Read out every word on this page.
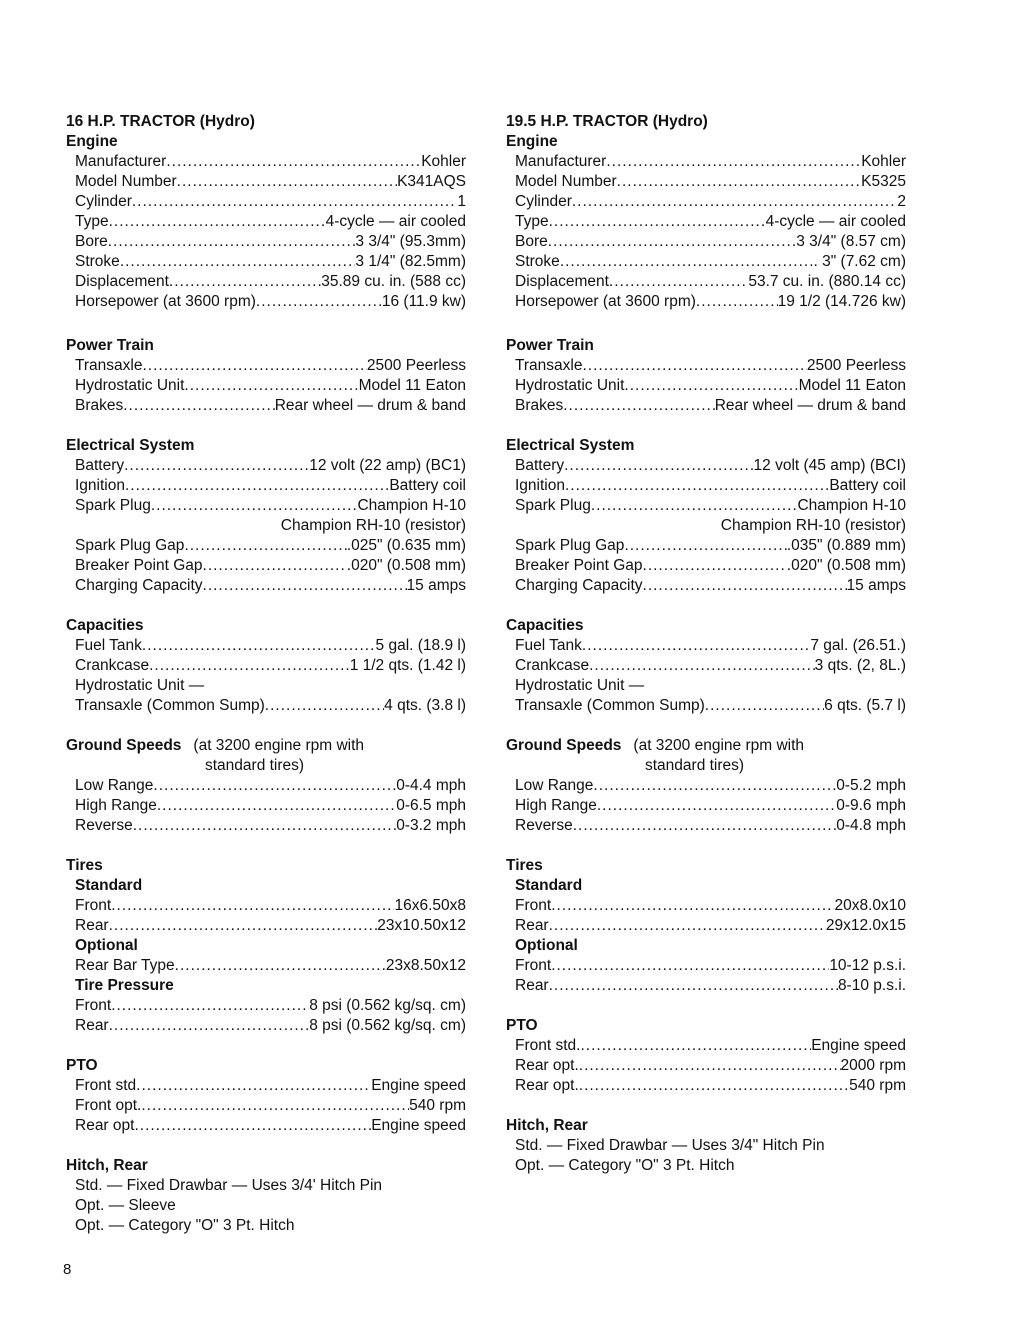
16 H.P. TRACTOR (Hydro)
Engine
Manufacturer .....	Kohler
Model Number .....	K341AQS
Cylinder .....	1
Type .....	4-cycle — air cooled
Bore .....	3 3/4" (95.3mm)
Stroke .....	3 1/4" (82.5mm)
Displacement .....	35.89 cu. in. (588 cc)
Horsepower (at 3600 rpm) .....	16 (11.9 kw)
Power Train
Transaxle .....	2500 Peerless
Hydrostatic Unit .....	Model 11 Eaton
Brakes .....	Rear wheel — drum & band
Electrical System
Battery .....	12 volt (22 amp) (BC1)
Ignition .....	Battery coil
Spark Plug .....	Champion H-10
Champion RH-10 (resistor)
Spark Plug Gap .....	.025" (0.635 mm)
Breaker Point Gap .....	.020" (0.508 mm)
Charging Capacity .....	15 amps
Capacities
Fuel Tank .....	5 gal. (18.9 l)
Crankcase .....	1 1/2 qts. (1.42 l)
Hydrostatic Unit —
Transaxle (Common Sump) .....	4 qts. (3.8 l)
Ground Speeds (at 3200 engine rpm with
standard tires)
Low Range .....	0-4.4 mph
High Range .....	0-6.5 mph
Reverse .....	0-3.2 mph
Tires
Standard
Front .....	16x6.50x8
Rear .....	23x10.50x12
Optional
Rear Bar Type .....	23x8.50x12
Tire Pressure
Front .....	8 psi (0.562 kg/sq. cm)
Rear .....	8 psi (0.562 kg/sq. cm)
PTO
Front std .....	Engine speed
Front opt. .....	540 rpm
Rear opt .....	Engine speed
Hitch, Rear
Std. — Fixed Drawbar — Uses 3/4' Hitch Pin
Opt. — Sleeve
Opt. — Category "O" 3 Pt. Hitch
19.5 H.P. TRACTOR (Hydro)
Engine
Manufacturer .....	Kohler
Model Number .....	K5325
Cylinder .....	2
Type .....	4-cycle — air cooled
Bore .....	3 3/4" (8.57 cm)
Stroke .....	. 3" (7.62 cm)
Displacement .....	53.7 cu. in. (880.14 cc)
Horsepower (at 3600 rpm) .....	19 1/2 (14.726 kw)
Power Train
Transaxle .....	2500 Peerless
Hydrostatic Unit .....	Model 11 Eaton
Brakes .....	Rear wheel — drum & band
Electrical System
Battery .....	12 volt (45 amp) (BCI)
Ignition .....	Battery coil
Spark Plug .....	Champion H-10
Champion RH-10 (resistor)
Spark Plug Gap .....	.035" (0.889 mm)
Breaker Point Gap .....	.020" (0.508 mm)
Charging Capacity .....	15 amps
Capacities
Fuel Tank .....	7 gal. (26.51.)
Crankcase .....	3 qts. (2, 8L.)
Hydrostatic Unit —
Transaxle (Common Sump) .....	6 qts. (5.7 l)
Ground Speeds (at 3200 engine rpm with
standard tires)
Low Range .....	0-5.2 mph
High Range .....	0-9.6 mph
Reverse .....	0-4.8 mph
Tires
Standard
Front .....	20x8.0x10
Rear .....	29x12.0x15
Optional
Front .....	10-12 p.s.i.
Rear .....	8-10 p.s.i.
PTO
Front std. .....	Engine speed
Rear opt. .....	2000 rpm
Rear opt. .....	540 rpm
Hitch, Rear
Std. — Fixed Drawbar — Uses 3/4" Hitch Pin
Opt. — Category "O" 3 Pt. Hitch
8
